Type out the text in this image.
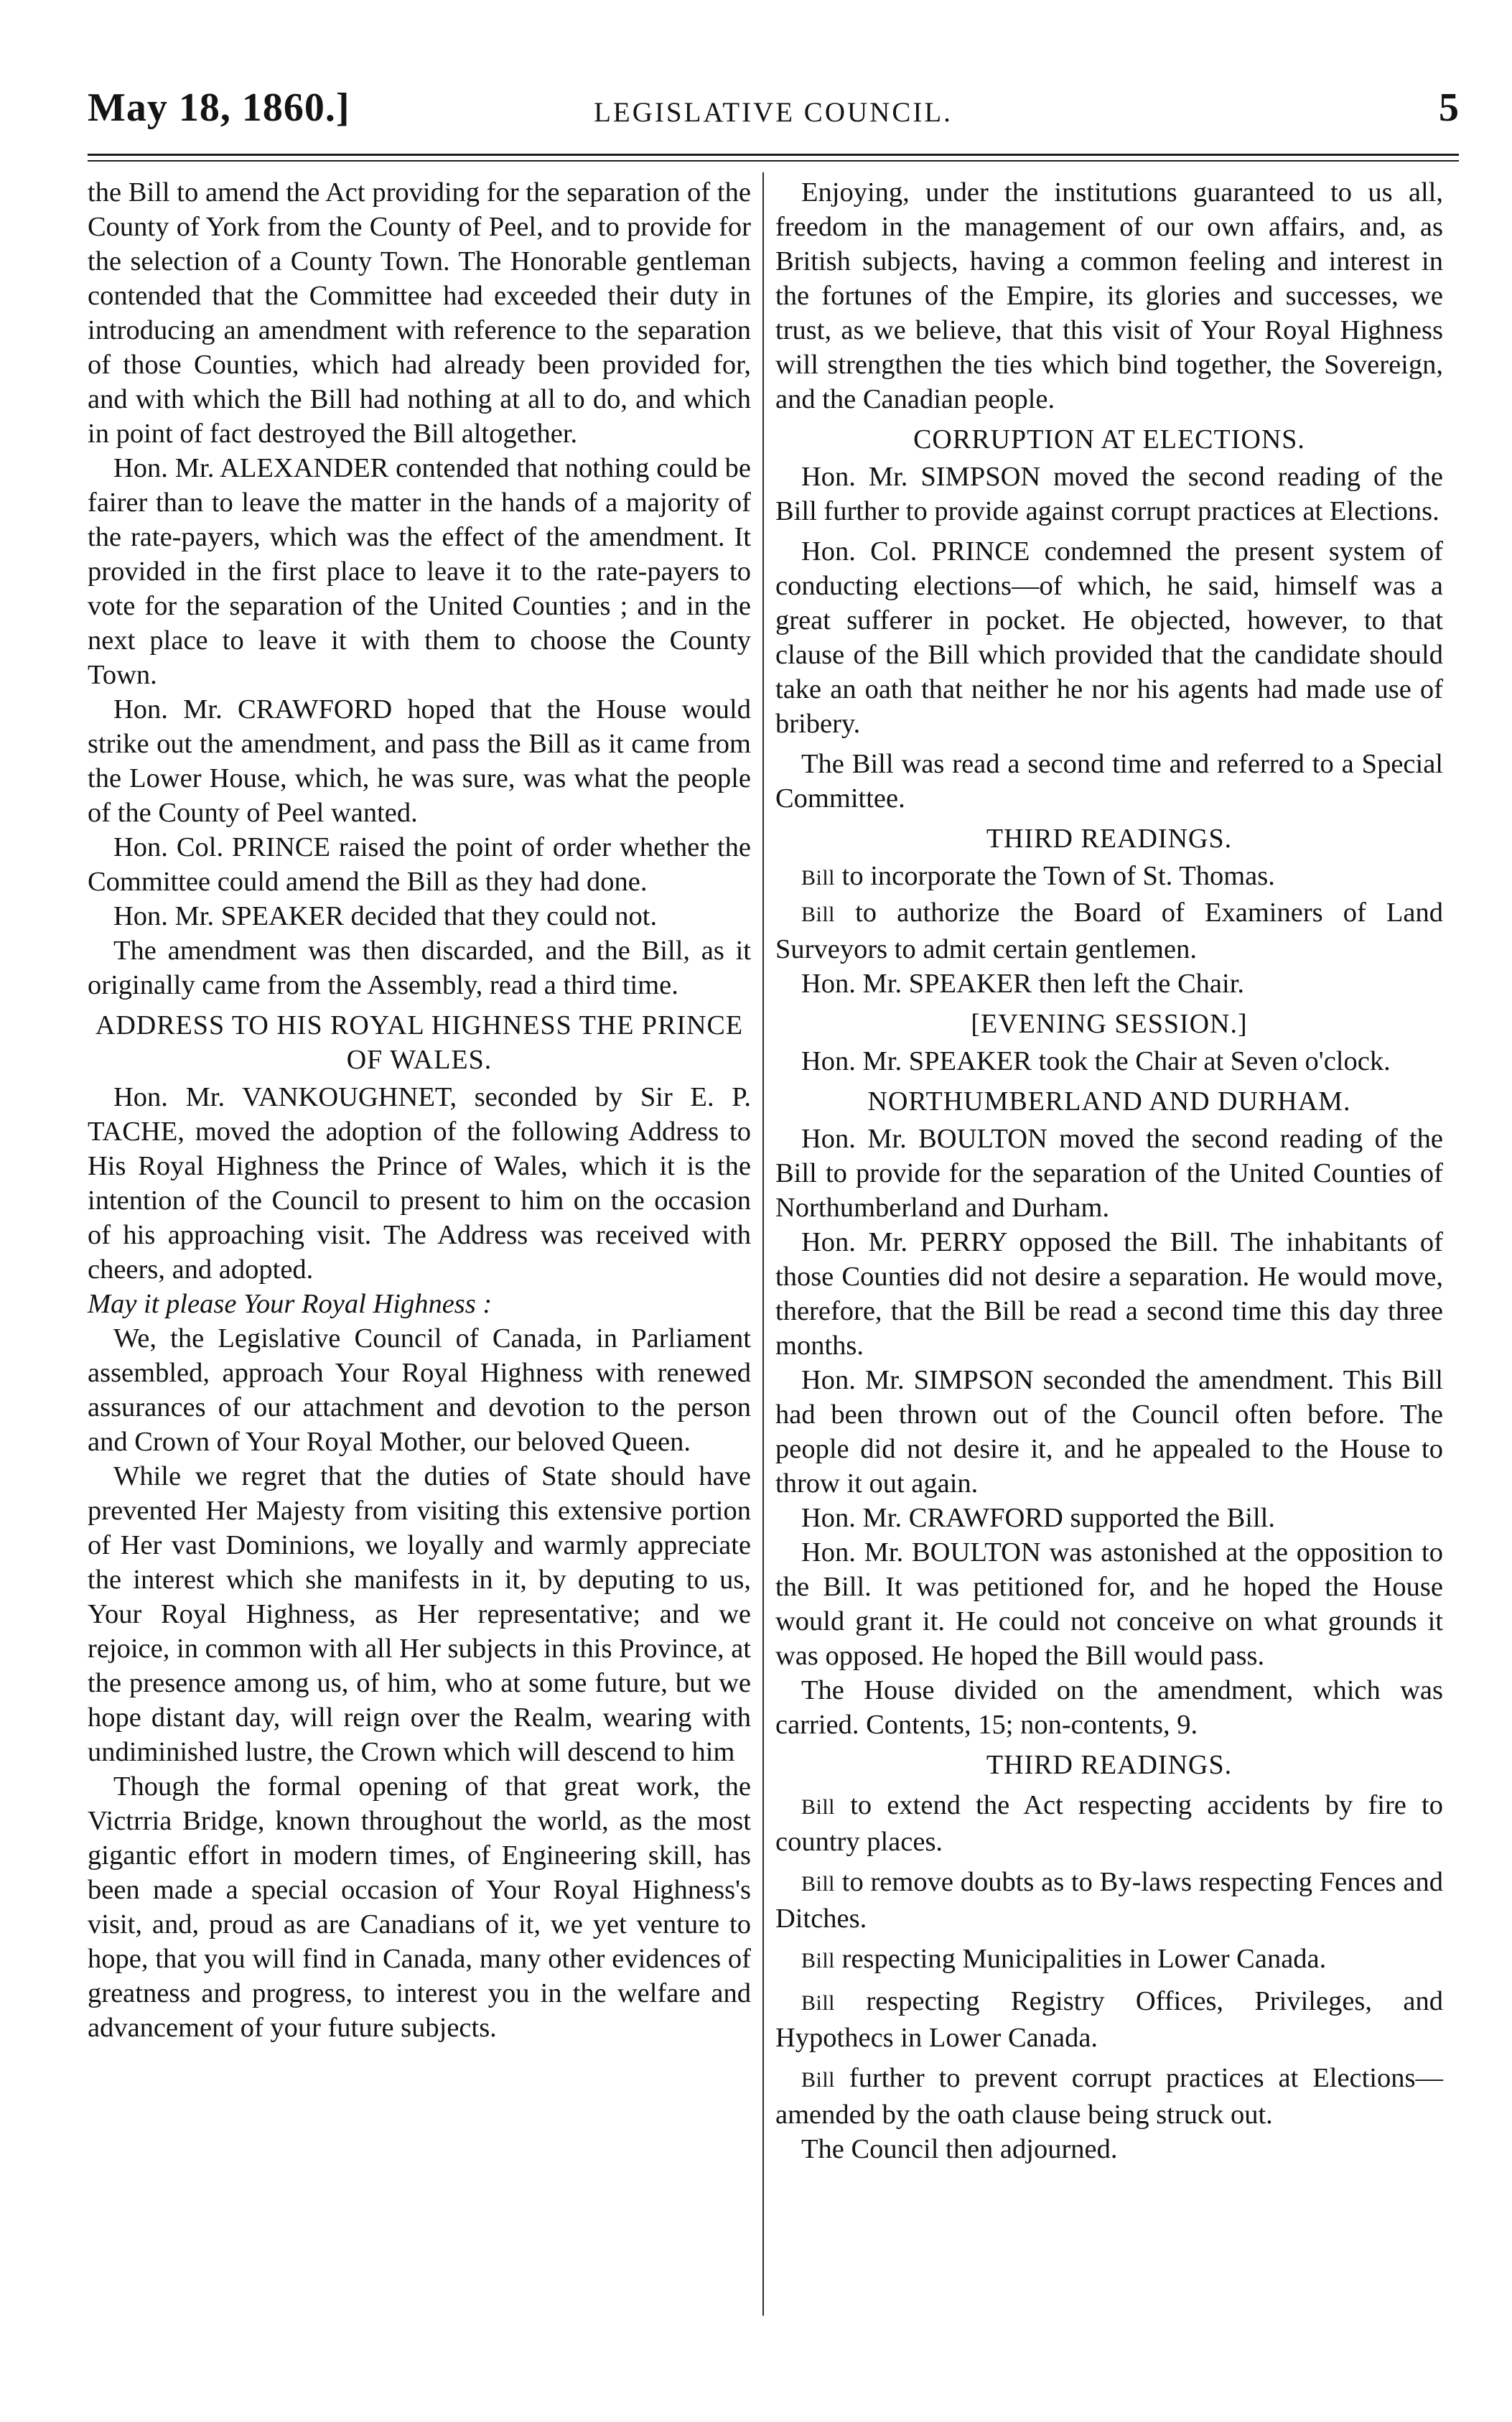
May 18, 1860.]	LEGISLATIVE COUNCIL.	5

the Bill to amend the Act providing for the separation of the County of York from the County of Peel, and to provide for the selection of a County Town. The Honorable gentleman contended that the Committee had exceeded their duty in introducing an amendment with reference to the separation of those Counties, which had already been provided for, and with which the Bill had nothing at all to do, and which in point of fact destroyed the Bill altogether.

Hon. Mr. ALEXANDER contended that nothing could be fairer than to leave the matter in the hands of a majority of the rate-payers, which was the effect of the amendment. It provided in the first place to leave it to the rate-payers to vote for the separation of the United Counties ; and in the next place to leave it with them to choose the County Town.

Hon. Mr. CRAWFORD hoped that the House would strike out the amendment, and pass the Bill as it came from the Lower House, which, he was sure, was what the people of the County of Peel wanted.

Hon. Col. PRINCE raised the point of order whether the Committee could amend the Bill as they had done.

Hon. Mr. SPEAKER decided that they could not.

The amendment was then discarded, and the Bill, as it originally came from the Assembly, read a third time.

ADDRESS TO HIS ROYAL HIGHNESS THE PRINCE OF WALES.

Hon. Mr. VANKOUGHNET, seconded by Sir E. P. TACHE, moved the adoption of the following Address to His Royal Highness the Prince of Wales, which it is the intention of the Council to present to him on the occasion of his approaching visit. The Address was received with cheers, and adopted.

May it please Your Royal Highness :

We, the Legislative Council of Canada, in Parliament assembled, approach Your Royal Highness with renewed assurances of our attachment and devotion to the person and Crown of Your Royal Mother, our beloved Queen.

While we regret that the duties of State should have prevented Her Majesty from visiting this extensive portion of Her vast Dominions, we loyally and warmly appreciate the interest which she manifests in it, by deputing to us, Your Royal Highness, as Her representative; and we rejoice, in common with all Her subjects in this Province, at the presence among us, of him, who at some future, but we hope distant day, will reign over the Realm, wearing with undiminished lustre, the Crown which will descend to him

Though the formal opening of that great work, the Victrria Bridge, known throughout the world, as the most gigantic effort in modern times, of Engineering skill, has been made a special occasion of Your Royal Highness's visit, and, proud as are Canadians of it, we yet venture to hope, that you will find in Canada, many other evidences of greatness and progress, to interest you in the welfare and advancement of your future subjects.

Enjoying, under the institutions guaranteed to us all, freedom in the management of our own affairs, and, as British subjects, having a common feeling and interest in the fortunes of the Empire, its glories and successes, we trust, as we believe, that this visit of Your Royal Highness will strengthen the ties which bind together, the Sovereign, and the Canadian people.

CORRUPTION AT ELECTIONS.

Hon. Mr. SIMPSON moved the second reading of the Bill further to provide against corrupt practices at Elections.

Hon. Col. PRINCE condemned the present system of conducting elections—of which, he said, himself was a great sufferer in pocket. He objected, however, to that clause of the Bill which provided that the candidate should take an oath that neither he nor his agents had made use of bribery.

The Bill was read a second time and referred to a Special Committee.

THIRD READINGS.

Bill to incorporate the Town of St. Thomas.

Bill to authorize the Board of Examiners of Land Surveyors to admit certain gentlemen.

Hon. Mr. SPEAKER then left the Chair.

[EVENING SESSION.]

Hon. Mr. SPEAKER took the Chair at Seven o'clock.

NORTHUMBERLAND AND DURHAM.

Hon. Mr. BOULTON moved the second reading of the Bill to provide for the separation of the United Counties of Northumberland and Durham.

Hon. Mr. PERRY opposed the Bill. The inhabitants of those Counties did not desire a separation. He would move, therefore, that the Bill be read a second time this day three months.

Hon. Mr. SIMPSON seconded the amendment. This Bill had been thrown out of the Council often before. The people did not desire it, and he appealed to the House to throw it out again.

Hon. Mr. CRAWFORD supported the Bill.

Hon. Mr. BOULTON was astonished at the opposition to the Bill. It was petitioned for, and he hoped the House would grant it. He could not conceive on what grounds it was opposed. He hoped the Bill would pass.

The House divided on the amendment, which was carried. Contents, 15; non-contents, 9.

THIRD READINGS.

Bill to extend the Act respecting accidents by fire to country places.

Bill to remove doubts as to By-laws respecting Fences and Ditches.

Bill respecting Municipalities in Lower Canada.

Bill respecting Registry Offices, Privileges, and Hypothecs in Lower Canada.

Bill further to prevent corrupt practices at Elections—amended by the oath clause being struck out.

The Council then adjourned.
